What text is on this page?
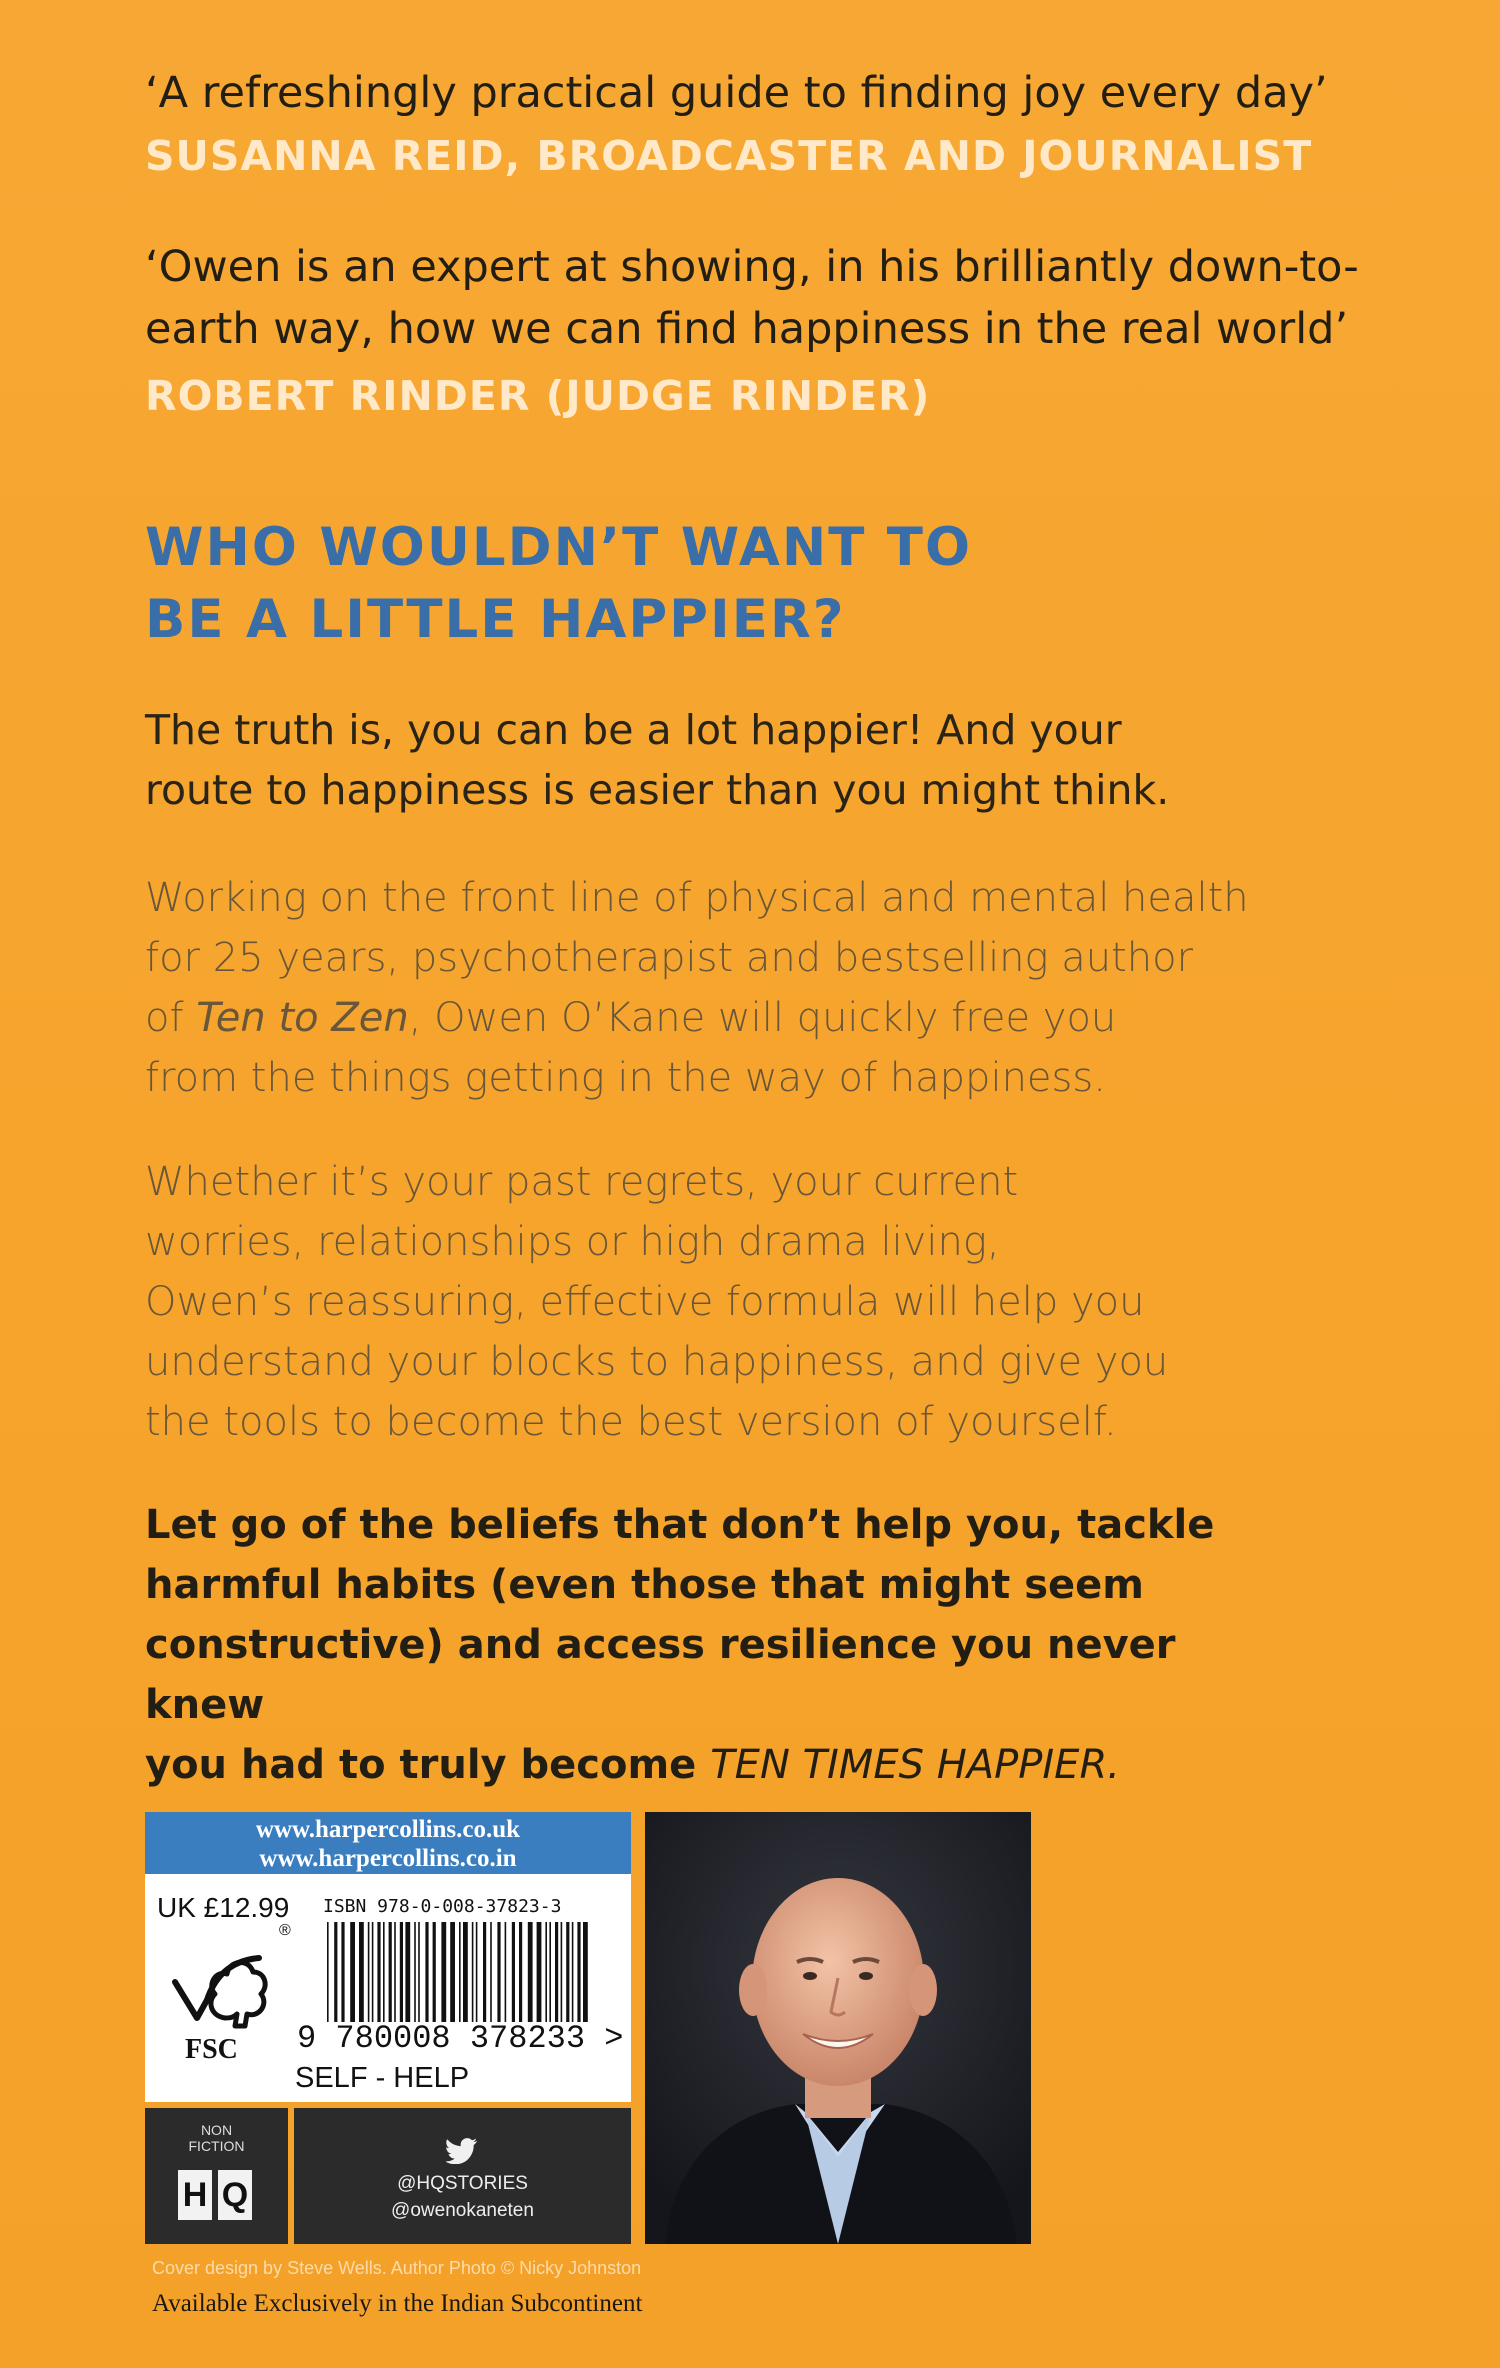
‘A refreshingly practical guide to finding joy every day’
SUSANNA REID, BROADCASTER AND JOURNALIST
‘Owen is an expert at showing, in his brilliantly down-to-
earth way, how we can find happiness in the real world’
ROBERT RINDER (JUDGE RINDER)
WHO WOULDN’T WANT TO
BE A LITTLE HAPPIER?
The truth is, you can be a lot happier! And your
route to happiness is easier than you might think.
Working on the front line of physical and mental health
for 25 years, psychotherapist and bestselling author
of Ten to Zen, Owen O’Kane will quickly free you
from the things getting in the way of happiness.
Whether it’s your past regrets, your current
worries, relationships or high drama living,
Owen’s reassuring, effective formula will help you
understand your blocks to happiness, and give you
the tools to become the best version of yourself.
Let go of the beliefs that don’t help you, tackle
harmful habits (even those that might seem
constructive) and access resilience you never knew
you had to truly become TEN TIMES HAPPIER.
www.harpercollins.co.uk
www.harpercollins.co.in
UK £12.99 ISBN 978-0-008-37823-3
®
FSC 9 780008 378233 >
SELF - HELP
NON
FICTION
H Q	@HQSTORIES
@owenokaneten
Cover design by Steve Wells. Author Photo © Nicky Johnston
Available Exclusively in the Indian Subcontinent
